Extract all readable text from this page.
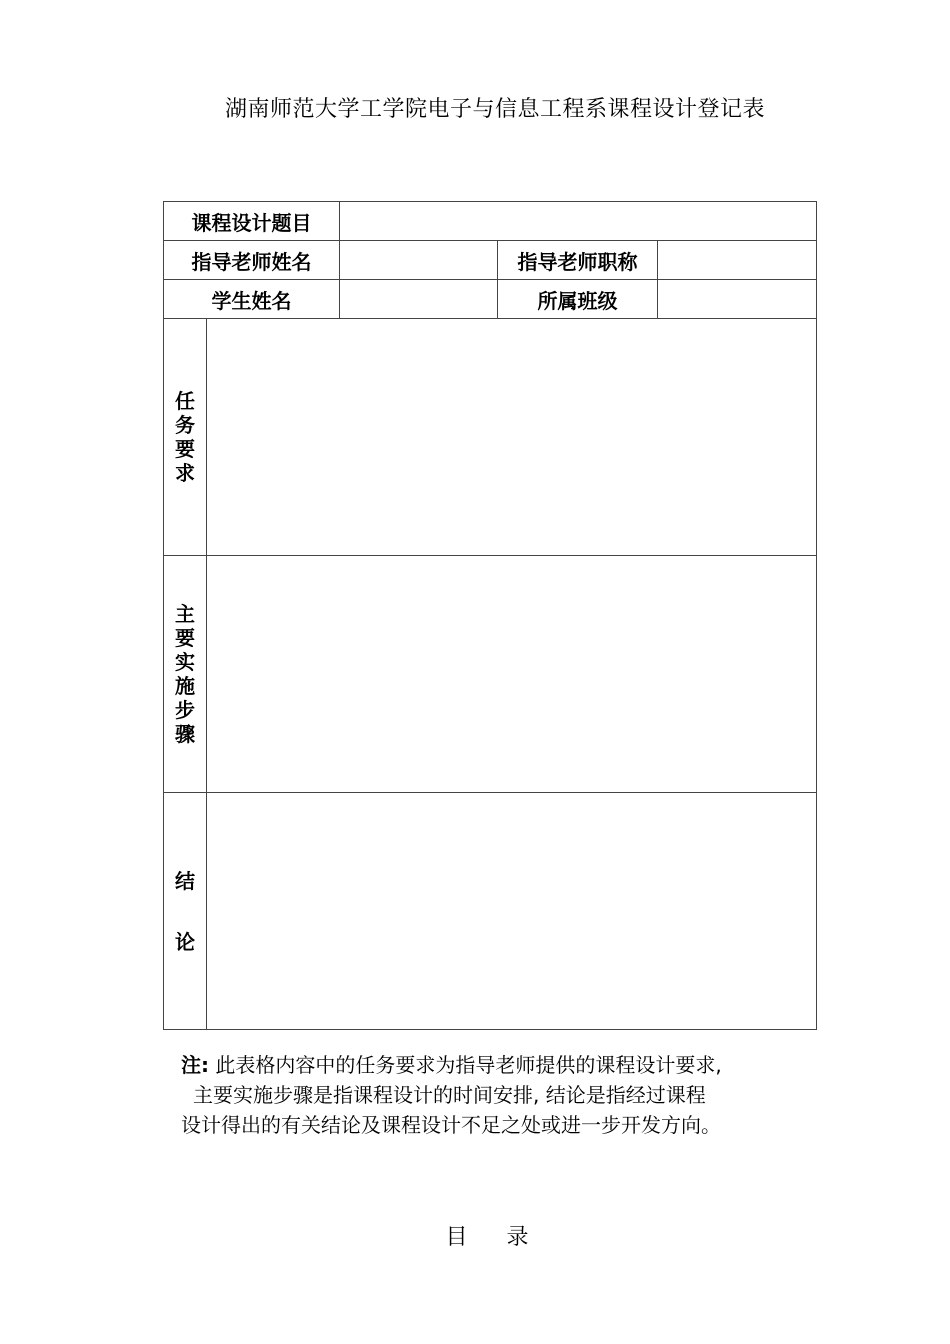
湖南师范大学工学院电子与信息工程系课程设计登记表
课程设计题目				
指导老师姓名			指导老师职称	
学生姓名			所属班级	
任务要求				
主要实施步骤				

结
论				

注: 此表格内容中的任务要求为指导老师提供的课程设计要求,

主要实施步骤是指课程设计的时间安排, 结论是指经过课程

设计得出的有关结论及课程设计不足之处或进一步开发方向。

目 录
